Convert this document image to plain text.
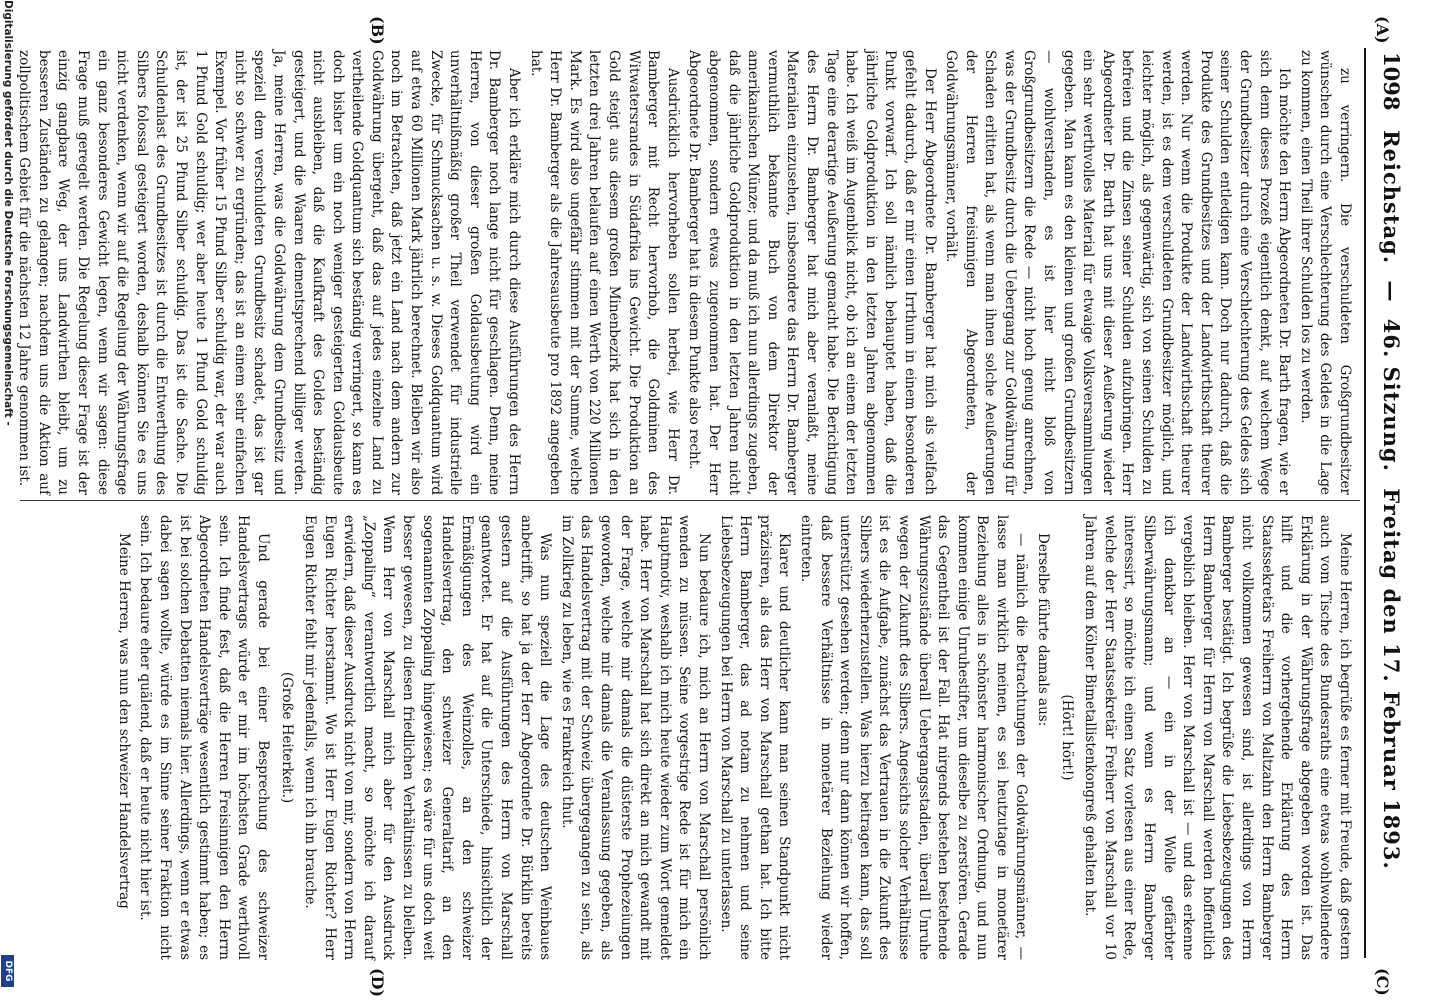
1098
Reichstag. — 46. Sitzung. Freitag den 17. Februar 1893.
(A)
(B)
(C)
(D)

zu verringern. Die verschuldeten Großgrundbesitzer wünschen durch eine Verschlechterung des Geldes in die Lage zu kommen, einen Theil ihrer Schulden los zu werden.

Ich möchte den Herrn Abgeordneten Dr. Barth fragen, wie er sich denn dieses Prozeß eigentlich denkt, auf welchem Wege der Grundbesitzer durch eine Verschlechterung des Geldes sich seiner Schulden entledigen kann. Doch nur dadurch, daß die Produkte des Grundbesitzes und der Landwirthschaft theurer werden. Nur wenn die Produkte der Landwirthschaft theurer werden, ist es dem verschuldeten Grundbesitzer möglich, und leichter möglich, als gegenwärtig, sich von seinen Schulden zu befreien und die Zinsen seiner Schulden aufzubringen. Herr Abgeordneter Dr. Barth hat uns mit dieser Aeußerung wieder ein sehr werthvolles Material für etwaige Volksversammlungen gegeben. Man kann es den kleinen und großen Grundbesitzern — wohlverstanden, es ist hier nicht bloß von Großgrundbesitzern die Rede — nicht hoch genug anrechnen, was der Grundbesitz durch die Uebergang zur Goldwährung für Schaden erlitten hat, als wenn man ihnen solche Aeußerungen der Herren freisinnigen Abgeordneten, der Goldwährungsmänner, vorhält.

Der Herr Abgeordnete Dr. Bamberger hat mich als vielfach gefehlt dadurch, daß er mir einen Irrthum in einem besonderen Punkt vorwarf. Ich soll nämlich behauptet haben, daß die jährliche Goldproduktion in den letzten Jahren abgenommen habe. Ich weiß im Augenblick nicht, ob ich an einem der letzten Tage eine derartige Aeußerung gemacht habe. Die Berichtigung des Herrn Dr. Bamberger hat mich aber veranlaßt, meine Materialien einzusehen, insbesondere das Herrn Dr. Bamberger vermuthlich bekannte Buch von dem Direktor der amerikanischen Münze; und da muß ich nun allerdings zugeben, daß die jährliche Goldproduktion in den letzten Jahren nicht abgenommen, sondern etwas zugenommen hat. Der Herr Abgeordnete Dr. Bamberger hat in diesem Punkte also recht.

Ausdrücklich hervorheben sollen herbei, wie Herr Dr. Bamberger mit Recht hervorhob, die Goldminen des Witwatersrandes in Südafrika ins Gewicht. Die Produktion an Gold steigt aus diesem großen Minenbezirk hat sich in den letzten drei Jahren belaufen auf einen Werth von 220 Millionen Mark. Es wird also ungefähr stimmen mit der Summe, welche Herr Dr. Bamberger als die Jahresausbeute pro 1892 angegeben hat.

Aber ich erkläre mich durch diese Ausführungen des Herrn Dr. Bamberger noch lange nicht für geschlagen. Denn, meine Herren, von dieser großen Goldausbeutung wird ein unverhältnißmäßig großer Theil verwendet für industrielle Zwecke, für Schmucksachen u. s. w. Dieses Goldquantum wird auf etwa 60 Millionen Mark jährlich berechnet. Bleiben wir also noch im Betrachten, daß jetzt ein Land nach dem andern zur Goldwährung übergeht, daß das auf jedes einzelne Land zu vertheilende Goldquantum sich beständig verringert, so kann es doch bisher um ein noch weniger gesteigerten Goldausbeute nicht ausbleiben, daß die Kaufkraft des Goldes beständig gesteigert, und die Waaren dementsprechend billiger werden. Ja, meine Herren, was die Goldwährung dem Grundbesitz und speziell dem verschuldeten Grundbesitz schadet, das ist gar nicht so schwer zu ergründen; das ist an einem sehr einfachen Exempel. Vor früher 15 Pfund Silber schuldig war, der war auch 1 Pfund Gold schuldig; wer aber heute 1 Pfund Gold schuldig ist, der ist 25 Pfund Silber schuldig. Das ist die Sache. Die Schuldenlast des Grundbesitzes ist durch die Entwerthung des Silbers folossal gesteigert worden, deshalb können Sie es uns nicht verdenken, wenn wir auf die Regelung der Währungsfrage ein ganz besonderes Gewicht legen, wenn wir sagen: diese Frage muß geregelt werden. Die Regelung dieser Frage ist der einzig gangbare Weg, der uns Landwirthen bleibt, um zu besseren Zuständen zu gelangen; nachdem uns die Aktion auf zollpolitischem Gebiet für die nächsten 12 Jahre genommen ist.

Meine Herren, ich begrüße es ferner mit Freude, daß gestern auch vom Tische des Bundesraths eine etwas wohlwollendere Erklärung in der Währungsfrage abgegeben worden ist. Das hilft und die vorhergehende Erklärung des Herrn Staatssekretärs Freiherrn von Maltzahn den Herrn Bamberger nicht vollkommen gewesen sind, ist allerdings von Herrn Bamberger bestätigt. Ich begrüße die Liebesbezeugungen des Herrn Bamberger für Herrn von Marschall werden hoffentlich vergeblich bleiben. Herr von Marschall ist — und das erkenne ich dankbar an — ein in der Wolle gefärbter Silberwährungsmann; und wenn es Herrn Bamberger interessirt, so möchte ich einen Satz vorlesen aus einer Rede, welche der Herr Staatssekretär Freiherr von Marschall vor 10 Jahren auf dem Kölner Bimetallistenkongreß gehalten hat.

(Hört! hört!)

Derselbe führte damals aus:

— nämlich die Betrachtungen der Goldwährungsmänner, — lasse man wirklich meinen, es sei heutzutage in monetärer Beziehung alles in schönster harmonischer Ordnung, und nun kommen einige Unruhestifter, um dieselbe zu zerstören. Gerade das Gegentheil ist der Fall. Hat nirgends bestehen bestehende Währungszustände überall Uebergangsstadien, überall Unruhe wegen der Zukunft des Silbers. Angesichts solcher Verhältnisse ist es die Aufgabe, zunächst das Vertrauen in die Zukunft des Silbers wiederherzustellen. Was hierzu beitragen kann, das soll unterstützt gesehen werden; denn nur dann können wir hoffen, daß bessere Verhältnisse in monetärer Beziehung wieder eintreten.

Klarer und deutlicher kann man seinen Standpunkt nicht präzisiren, als das Herr von Marschall gethan hat. Ich bitte Herrn Bamberger, das ad notam zu nehmen und seine Liebesbezeugungen bei Herrn von Marschall zu unterlassen.

Nun bedaure ich, mich an Herrn von Marschall persönlich wenden zu müssen. Seine vorgestrige Rede ist für mich ein Hauptmotiv, weshalb ich mich heute wieder zum Wort gemeldet habe. Herr von Marschall hat sich direkt an mich gewandt mit der Frage, welche mir damals die düsterste Prophezeiungen geworden, welche mir damals die Veranlassung gegeben, als das Handelsvertrag mit der Schweiz übergegangen zu sein, als im Zollkrieg zu leben, wie es Frankreich thut.

Was nun speziell die Lage des deutschen Weinbaues anbetrifft, so hat ja der Herr Abgeordnete Dr. Bürklin bereits gestern auf die Ausführungen des Herrn von Marschall geantwortet. Er hat auf die Unterschiede, hinsichtlich der Ermäßigungen des Weinzolles, an den schweizer Handelsvertrag, den schweizer Generaltarif, an den sogenannten Zoppaling hingewiesen; es wäre für uns doch weit besser gewesen, zu diesen friedlichen Verhältnissen zu bleiben. Wenn Herr von Marschall mich aber für den Ausdruck „Zoppaling“ verantwortlich macht, so möchte ich darauf erwidern, daß dieser Ausdruck nicht von mir, sondern von Herrn Eugen Richter herstammt. Wo ist Herr Eugen Richter? Herr Eugen Richter fehlt mir jedenfalls, wenn ich ihn brauche.

(Große Heiterkeit.)

Und gerade bei einer Besprechung des schweizer Handelsvertrags würde er mir im höchsten Grade werthvoll sein. Ich finde fest, daß die Herren Freisinnigen den Herrn Abgeordneten Handelsverträge wesentlich gestimmt haben; es ist bei solchen Debatten niemals hier. Allerdings, wenn er etwas dabei sagen wollte, würde es im Sinne seiner Fraktion nicht sein. Ich bedaure eher quälend, daß er heute nicht hier ist.

Meine Herren, was nun den schweizer Handelsvertrag

Digitalisierung gefördert durch die Deutsche Forschungsgemeinschaft -
DFG
